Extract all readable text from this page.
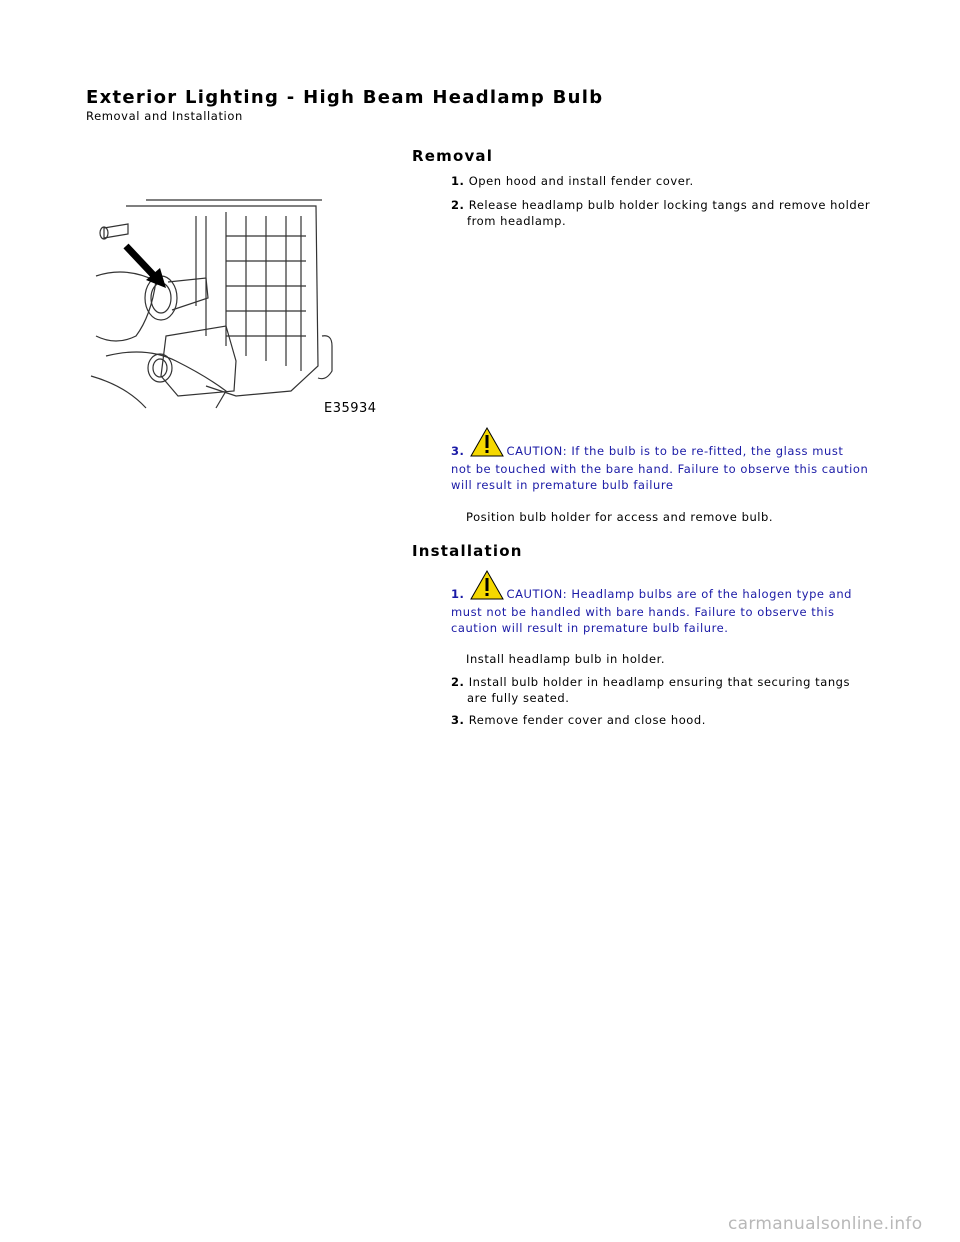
Exterior Lighting - High Beam Headlamp Bulb
Removal and Installation
Removal
E35934
1. Open hood and install fender cover.
2. Release headlamp bulb holder locking tangs and remove holder
from headlamp.
3.	CAUTION: If the bulb is to be re-fitted, the glass must
not be touched with the bare hand. Failure to observe this caution
will result in premature bulb failure
Position bulb holder for access and remove bulb.
Installation
1.	CAUTION: Headlamp bulbs are of the halogen type and
must not be handled with bare hands. Failure to observe this
caution will result in premature bulb failure.
Install headlamp bulb in holder.
2. Install bulb holder in headlamp ensuring that securing tangs
are fully seated.
3. Remove fender cover and close hood.
carmanualsonline.info
